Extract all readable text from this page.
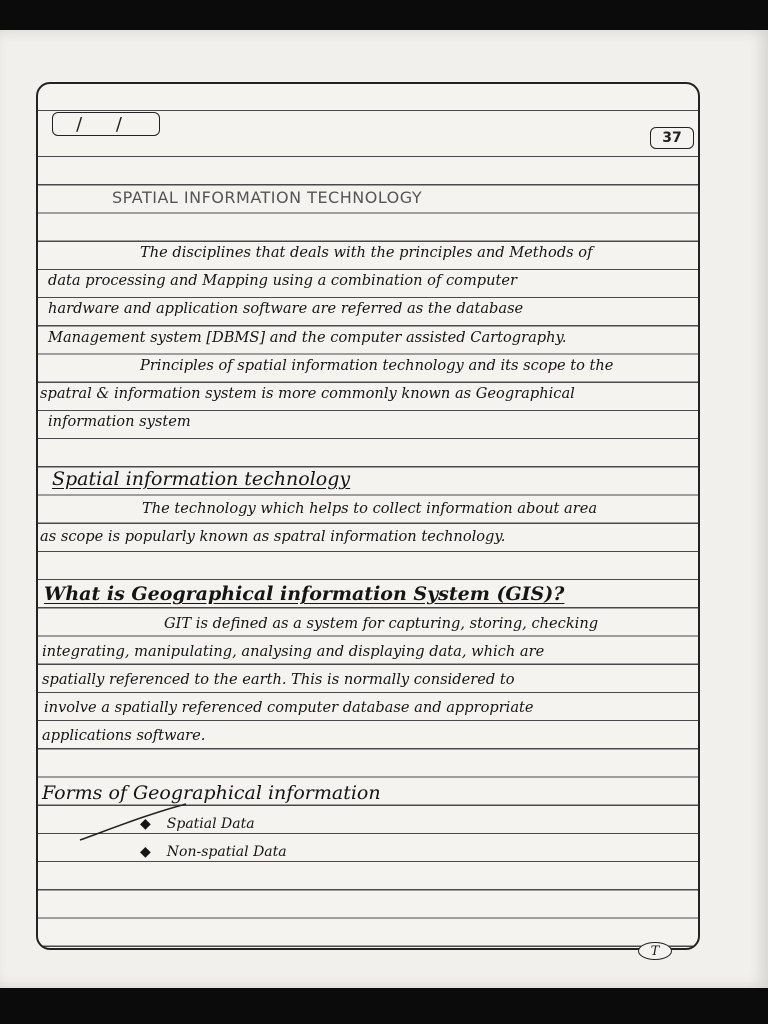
/ /
37
SPATIAL INFORMATION TECHNOLOGY
The disciplines that deals with the principles and Methods of
data processing and Mapping using a combination of computer
hardware and application software are referred as the database
Management system [DBMS] and the computer assisted Cartography.
Principles of spatial information technology and its scope to the
spatral & information system is more commonly known as Geographical
information system
Spatial information technology
The technology which helps to collect information about area
as scope is popularly known as spatral information technology.
What is Geographical information System (GIS)?
GIT is defined as a system for capturing, storing, checking
integrating, manipulating, analysing and displaying data, which are
spatially referenced to the earth. This is normally considered to
involve a spatially referenced computer database and appropriate
applications software.
Forms of Geographical information
◆ Spatial Data
◆ Non-spatial Data
T
